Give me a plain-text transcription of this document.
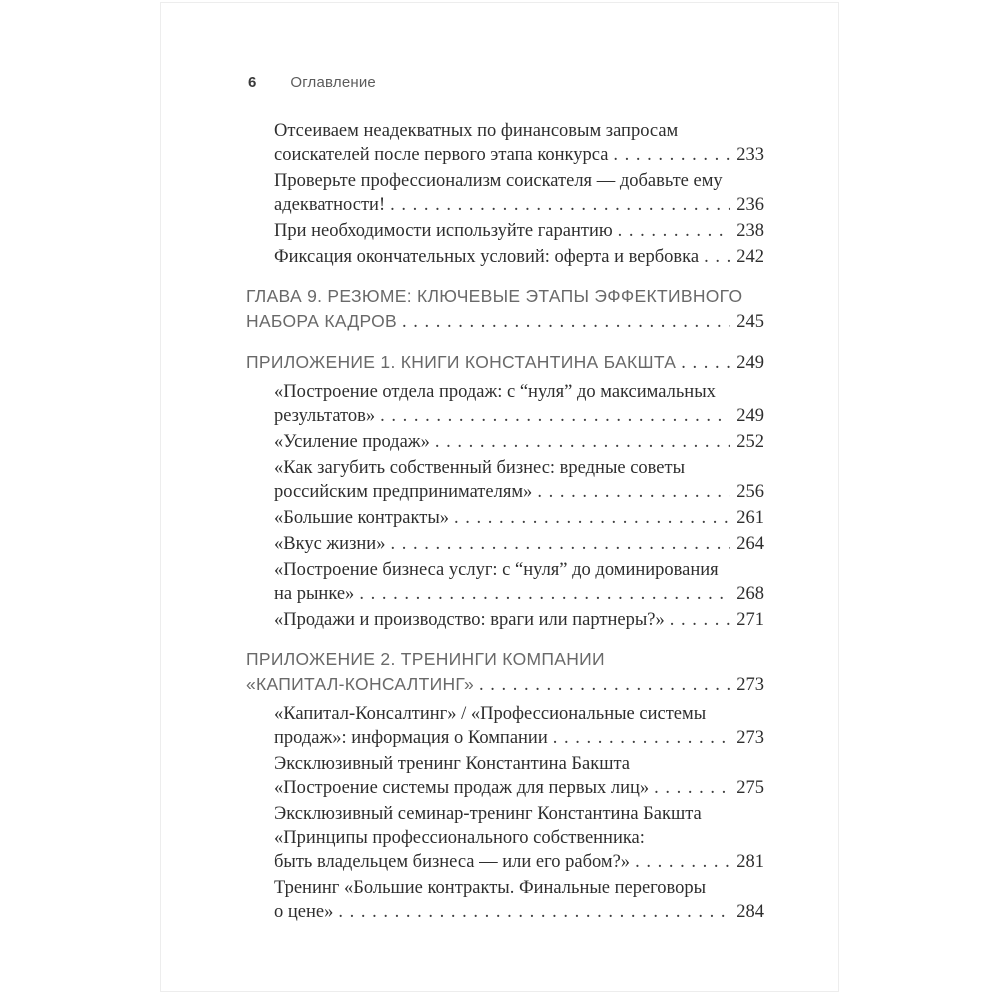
6 Оглавление
Отсеиваем неадекватных по финансовым запросам
соискателей после первого этапа конкурса . . .	233
Проверьте профессионализм соискателя — добавьте ему
адекватности! . . .	236
При необходимости используйте гарантию . . .	238
Фиксация окончательных условий: оферта и вербовка . . . 242
ГЛАВА 9. РЕЗЮМЕ: КЛЮЧЕВЫЕ ЭТАПЫ ЭФФЕКТИВНОГО
НАБОРА КАДРОВ . . .	245
ПРИЛОЖЕНИЕ 1. КНИГИ КОНСТАНТИНА БАКШТА . . .	249
«Построение отдела продаж: с “нуля” до максимальных
результатов» . . .	249
«Усиление продаж» . . .	252
«Как загубить собственный бизнес: вредные советы
российским предпринимателям» . . .	256
«Большие контракты» . . .	261
«Вкус жизни» . . .	264
«Построение бизнеса услуг: с “нуля” до доминирования
на рынке» . . .	268
«Продажи и производство: враги или партнеры?» . . .	271
ПРИЛОЖЕНИЕ 2. ТРЕНИНГИ КОМПАНИИ
«КАПИТАЛ-КОНСАЛТИНГ» . . .	273
«Капитал-Консалтинг» / «Профессиональные системы
продаж»: информация о Компании . . .	273
Эксклюзивный тренинг Константина Бакшта
«Построение системы продаж для первых лиц» . . .	275
Эксклюзивный семинар-тренинг Константина Бакшта
«Принципы профессионального собственника:
быть владельцем бизнеса — или его рабом?» . . .	281
Тренинг «Большие контракты. Финальные переговоры
о цене» . . .	284
